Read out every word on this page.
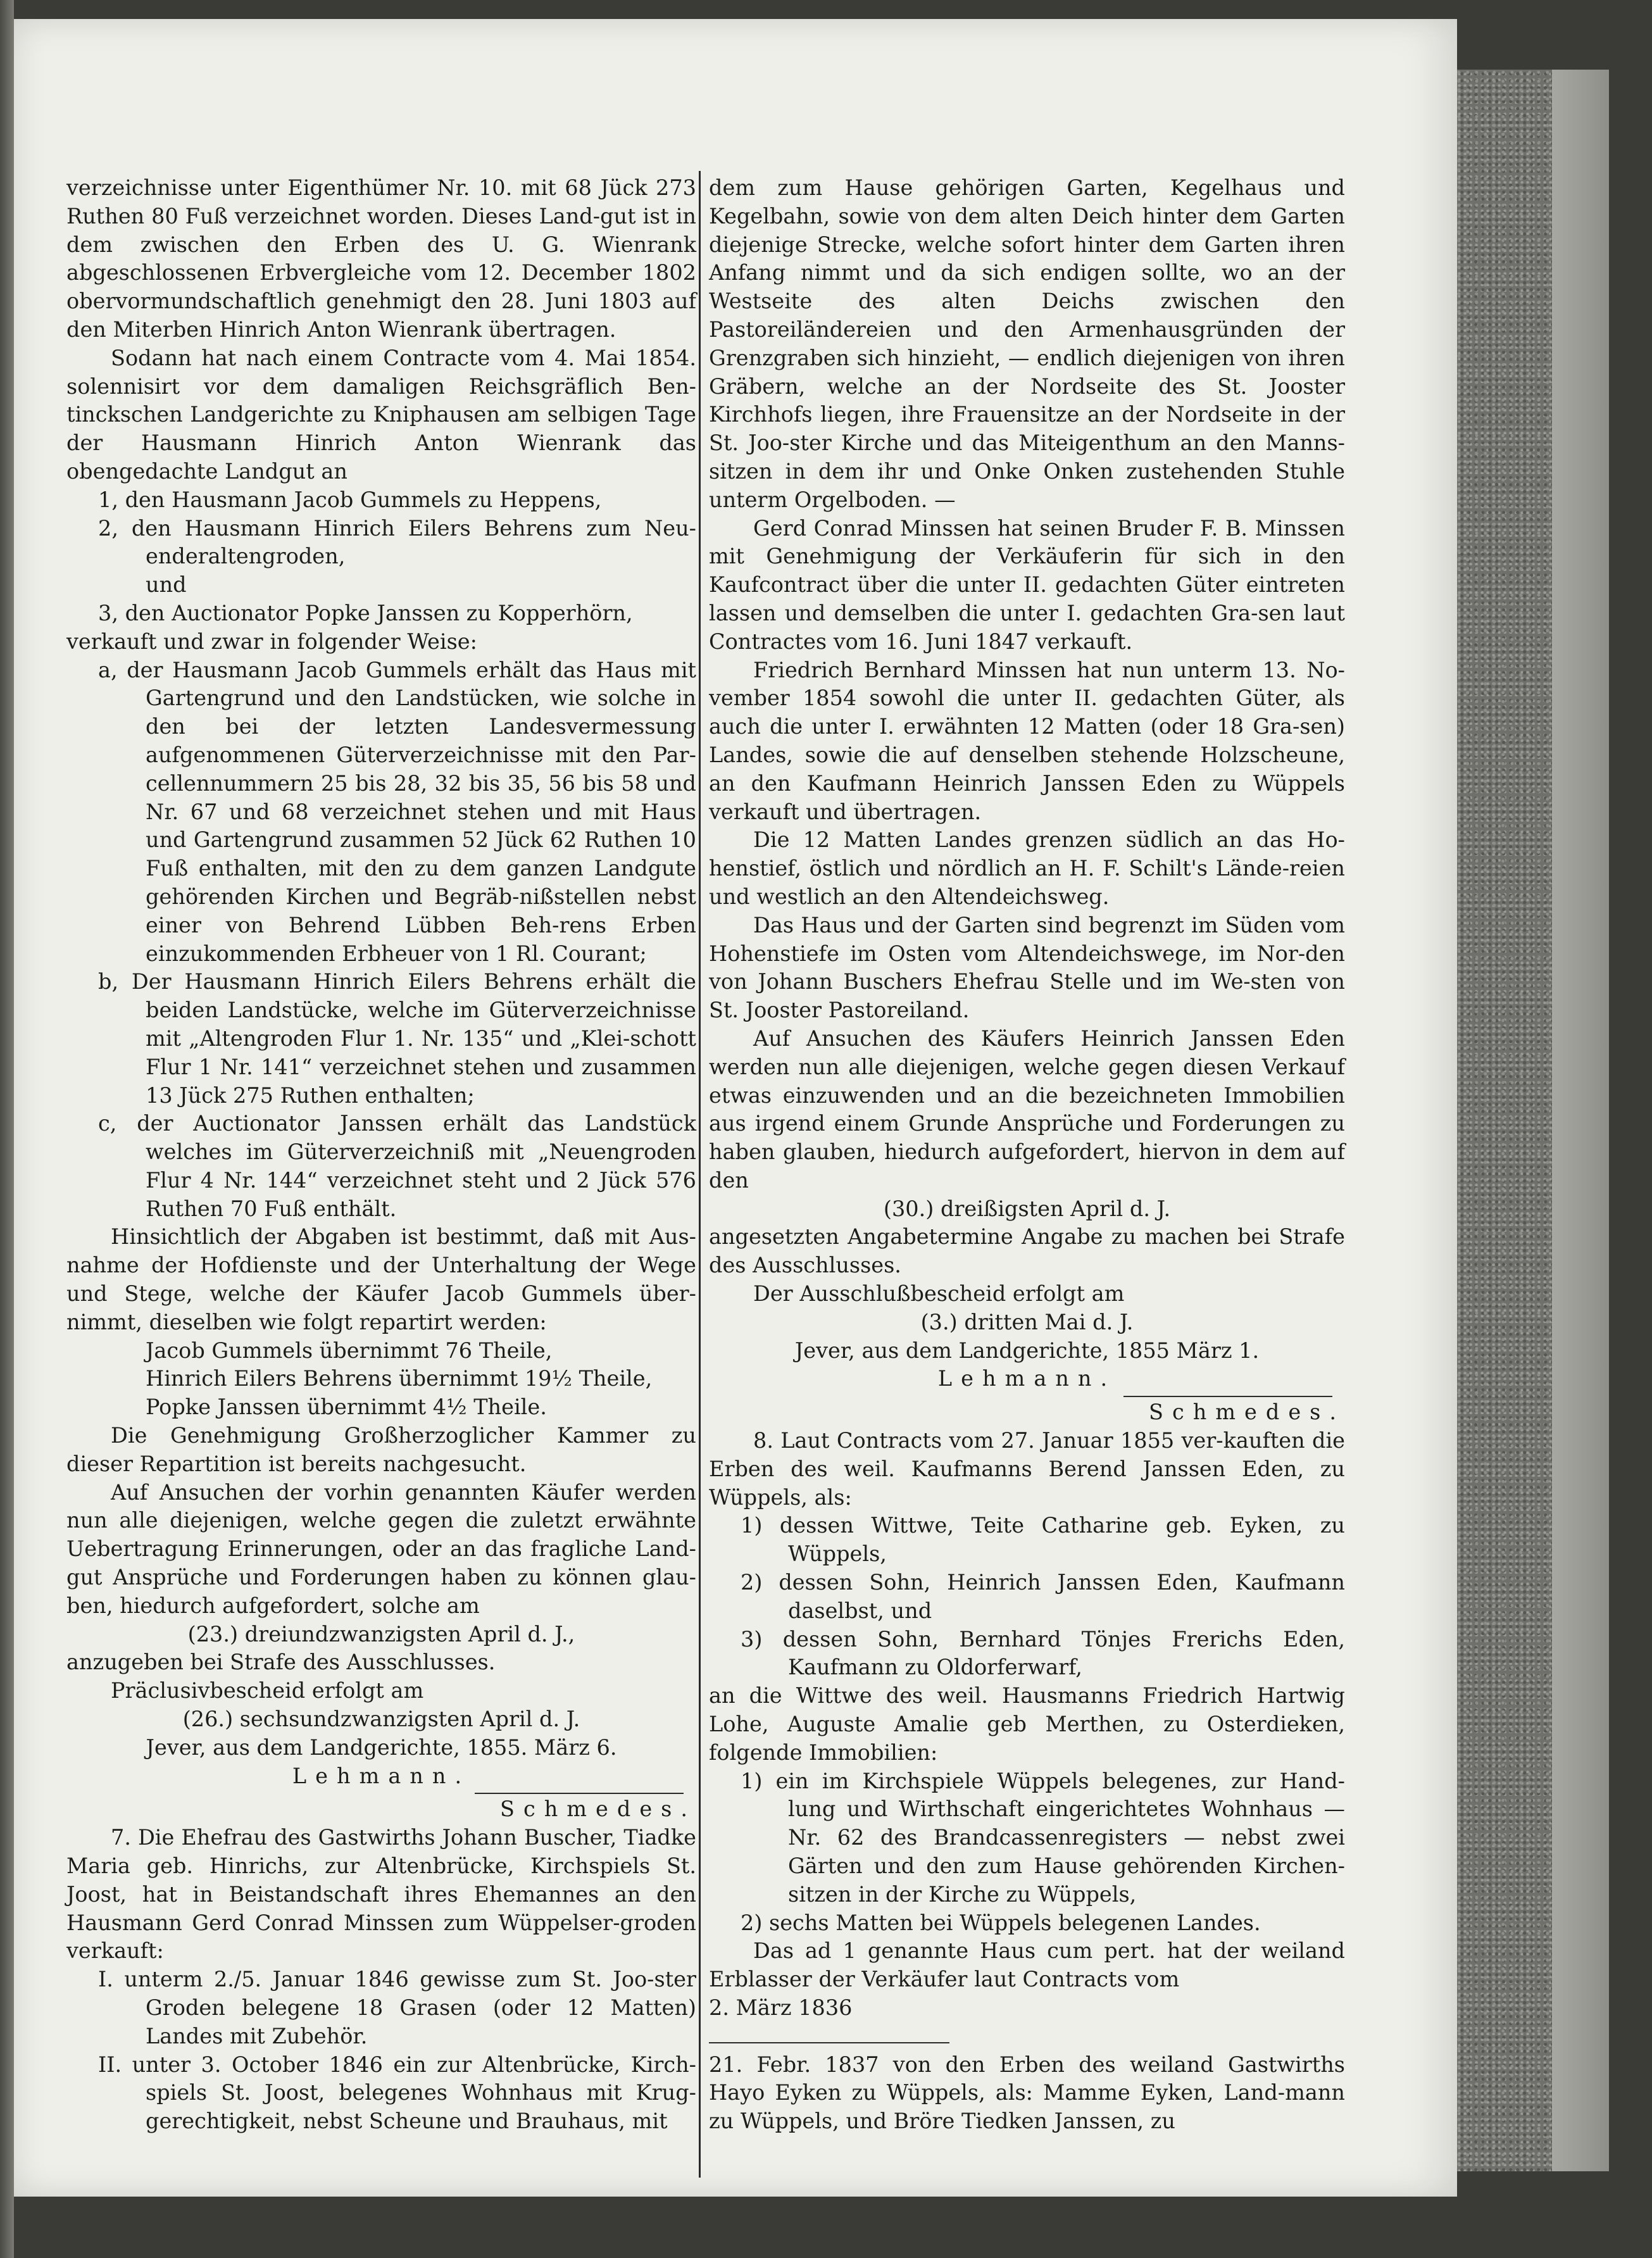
verzeichnisse unter Eigenthümer Nr. 10. mit 68 Jück 273 Ruthen 80 Fuß verzeichnet worden. Dieses Land-gut ist in dem zwischen den Erben des U. G. Wienrank abgeschlossenen Erbvergleiche vom 12. December 1802 obervormundschaftlich genehmigt den 28. Juni 1803 auf den Miterben Hinrich Anton Wienrank übertragen.

Sodann hat nach einem Contracte vom 4. Mai 1854. solennisirt vor dem damaligen Reichsgräflich Ben-tinckschen Landgerichte zu Kniphausen am selbigen Tage der Hausmann Hinrich Anton Wienrank das obengedachte Landgut an

1, den Hausmann Jacob Gummels zu Heppens,

2, den Hausmann Hinrich Eilers Behrens zum Neu-enderaltengroden,

und

3, den Auctionator Popke Janssen zu Kopperhörn,

verkauft und zwar in folgender Weise:

a, der Hausmann Jacob Gummels erhält das Haus mit Gartengrund und den Landstücken, wie solche in den bei der letzten Landesvermessung aufgenommenen Güterverzeichnisse mit den Par-cellennummern 25 bis 28, 32 bis 35, 56 bis 58 und Nr. 67 und 68 verzeichnet stehen und mit Haus und Gartengrund zusammen 52 Jück 62 Ruthen 10 Fuß enthalten, mit den zu dem ganzen Landgute gehörenden Kirchen und Begräb-nißstellen nebst einer von Behrend Lübben Beh-rens Erben einzukommenden Erbheuer von 1 Rl. Courant;

b, Der Hausmann Hinrich Eilers Behrens erhält die beiden Landstücke, welche im Güterverzeichnisse mit „Altengroden Flur 1. Nr. 135“ und „Klei-schott Flur 1 Nr. 141“ verzeichnet stehen und zusammen 13 Jück 275 Ruthen enthalten;

c, der Auctionator Janssen erhält das Landstück welches im Güterverzeichniß mit „Neuengroden Flur 4 Nr. 144“ verzeichnet steht und 2 Jück 576 Ruthen 70 Fuß enthält.

Hinsichtlich der Abgaben ist bestimmt, daß mit Aus-nahme der Hofdienste und der Unterhaltung der Wege und Stege, welche der Käufer Jacob Gummels über-nimmt, dieselben wie folgt repartirt werden:

Jacob Gummels übernimmt 76 Theile,

Hinrich Eilers Behrens übernimmt 19½ Theile,

Popke Janssen übernimmt 4½ Theile.

Die Genehmigung Großherzoglicher Kammer zu dieser Repartition ist bereits nachgesucht.

Auf Ansuchen der vorhin genannten Käufer werden nun alle diejenigen, welche gegen die zuletzt erwähnte Uebertragung Erinnerungen, oder an das fragliche Land-gut Ansprüche und Forderungen haben zu können glau-ben, hiedurch aufgefordert, solche am

(23.) dreiundzwanzigsten April d. J.,

anzugeben bei Strafe des Ausschlusses.

Präclusivbescheid erfolgt am

(26.) sechsundzwanzigsten April d. J.

Jever, aus dem Landgerichte, 1855. März 6.

Lehmann.

Schmedes.

7. Die Ehefrau des Gastwirths Johann Buscher, Tiadke Maria geb. Hinrichs, zur Altenbrücke, Kirchspiels St. Joost, hat in Beistandschaft ihres Ehemannes an den Hausmann Gerd Conrad Minssen zum Wüppelser-groden verkauft:

I. unterm 2./5. Januar 1846 gewisse zum St. Joo-ster Groden belegene 18 Grasen (oder 12 Matten) Landes mit Zubehör.

II. unter 3. October 1846 ein zur Altenbrücke, Kirch-spiels St. Joost, belegenes Wohnhaus mit Krug-gerechtigkeit, nebst Scheune und Brauhaus, mit

dem zum Hause gehörigen Garten, Kegelhaus und Kegelbahn, sowie von dem alten Deich hinter dem Garten diejenige Strecke, welche sofort hinter dem Garten ihren Anfang nimmt und da sich endigen sollte, wo an der Westseite des alten Deichs zwischen den Pastoreiländereien und den Armenhausgründen der Grenzgraben sich hinzieht, — endlich diejenigen von ihren Gräbern, welche an der Nordseite des St. Jooster Kirchhofs liegen, ihre Frauensitze an der Nordseite in der St. Joo-ster Kirche und das Miteigenthum an den Manns-sitzen in dem ihr und Onke Onken zustehenden Stuhle unterm Orgelboden. —

Gerd Conrad Minssen hat seinen Bruder F. B. Minssen mit Genehmigung der Verkäuferin für sich in den Kaufcontract über die unter II. gedachten Güter eintreten lassen und demselben die unter I. gedachten Gra-sen laut Contractes vom 16. Juni 1847 verkauft.

Friedrich Bernhard Minssen hat nun unterm 13. No-vember 1854 sowohl die unter II. gedachten Güter, als auch die unter I. erwähnten 12 Matten (oder 18 Gra-sen) Landes, sowie die auf denselben stehende Holzscheune, an den Kaufmann Heinrich Janssen Eden zu Wüppels verkauft und übertragen.

Die 12 Matten Landes grenzen südlich an das Ho-henstief, östlich und nördlich an H. F. Schilt's Lände-reien und westlich an den Altendeichsweg.

Das Haus und der Garten sind begrenzt im Süden vom Hohenstiefe im Osten vom Altendeichswege, im Nor-den von Johann Buschers Ehefrau Stelle und im We-sten von St. Jooster Pastoreiland.

Auf Ansuchen des Käufers Heinrich Janssen Eden werden nun alle diejenigen, welche gegen diesen Verkauf etwas einzuwenden und an die bezeichneten Immobilien aus irgend einem Grunde Ansprüche und Forderungen zu haben glauben, hiedurch aufgefordert, hiervon in dem auf den

(30.) dreißigsten April d. J.

angesetzten Angabetermine Angabe zu machen bei Strafe des Ausschlusses.

Der Ausschlußbescheid erfolgt am

(3.) dritten Mai d. J.

Jever, aus dem Landgerichte, 1855 März 1.

Lehmann.

Schmedes.

8. Laut Contracts vom 27. Januar 1855 ver-kauften die Erben des weil. Kaufmanns Berend Janssen Eden, zu Wüppels, als:

1) dessen Wittwe, Teite Catharine geb. Eyken, zu Wüppels,

2) dessen Sohn, Heinrich Janssen Eden, Kaufmann daselbst, und

3) dessen Sohn, Bernhard Tönjes Frerichs Eden, Kaufmann zu Oldorferwarf,

an die Wittwe des weil. Hausmanns Friedrich Hartwig Lohe, Auguste Amalie geb Merthen, zu Osterdieken, folgende Immobilien:

1) ein im Kirchspiele Wüppels belegenes, zur Hand-lung und Wirthschaft eingerichtetes Wohnhaus — Nr. 62 des Brandcassenregisters — nebst zwei Gärten und den zum Hause gehörenden Kirchen-sitzen in der Kirche zu Wüppels,

2) sechs Matten bei Wüppels belegenen Landes.

Das ad 1 genannte Haus cum pert. hat der weiland Erblasser der Verkäufer laut Contracts vom

2. März 1836

21. Febr. 1837 von den Erben des weiland Gastwirths Hayo Eyken zu Wüppels, als: Mamme Eyken, Land-mann zu Wüppels, und Bröre Tiedken Janssen, zu
